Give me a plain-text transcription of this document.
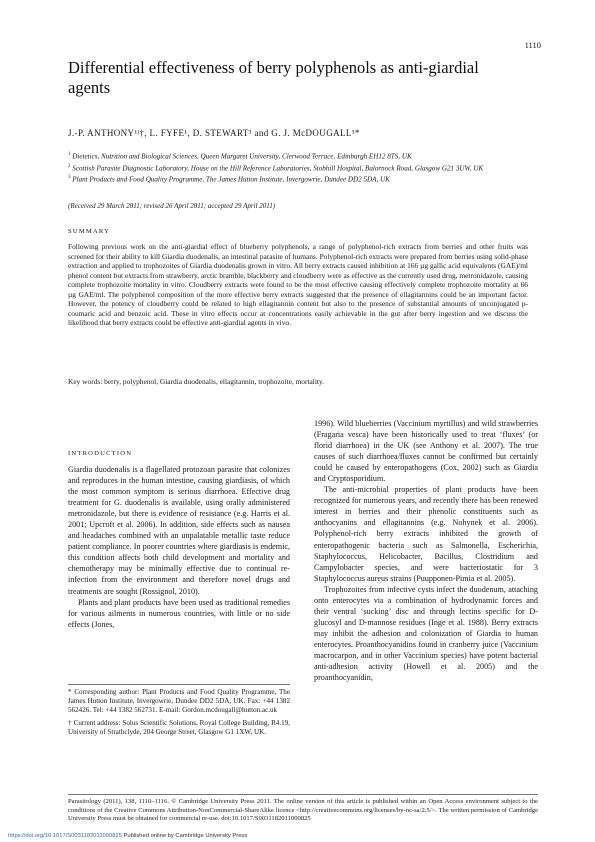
1110
Differential effectiveness of berry polyphenols as anti-giardial agents
J.-P. ANTHONY¹ʲ†, L. FYFE¹, D. STEWART³ and G. J. McDOUGALL³*
$^1$ Dietetics, Nutrition and Biological Sciences, Queen Margaret University, Clerwood Terrace, Edinburgh EH12 8TS, UK
$^2$ Scottish Parasite Diagnostic Laboratory, House on the Hill Reference Laboratories, Stobhill Hospital, Balornock Road, Glasgow G21 3UW, UK
$^3$ Plant Products and Food Quality Programme, The James Hutton Institute, Invergowrie, Dundee DD2 5DA, UK
(Received 29 March 2011; revised 26 April 2011; accepted 29 April 2011)
SUMMARY
Following previous work on the anti-giardial effect of blueberry polyphenols, a range of polyphenol-rich extracts from berries and other fruits was screened for their ability to kill Giardia duodenalis, an intestinal parasite of humans. Polyphenol-rich extracts were prepared from berries using solid-phase extraction and applied to trophozoites of Giardia duodenalis grown in vitro. All berry extracts caused inhibition at 166 µg gallic acid equivalents (GAE)/ml phenol content but extracts from strawberry, arctic bramble, blackberry and cloudberry were as effective as the currently used drug, metronidazole, causing complete trophozoite mortality in vitro. Cloudberry extracts were found to be the most effective causing effectively complete trophozoite mortality at 66 µg GAE/ml. The polyphenol composition of the more effective berry extracts suggested that the presence of ellagitannins could be an important factor. However, the potency of cloudberry could be related to high ellagitannin content but also to the presence of substantial amounts of unconjugated p-coumaric acid and benzoic acid. These in vitro effects occur at concentrations easily achievable in the gut after berry ingestion and we discuss the likelihood that berry extracts could be effective anti-giardial agents in vivo.
Key words: berry, polyphenol, Giardia duodenalis, ellagitannin, trophozoite, mortality.
INTRODUCTION

Giardia duodenalis is a flagellated protozoan parasite that colonizes and reproduces in the human intestine, causing giardiasis, of which the most common symptom is serious diarrhoea. Effective drug treatment for G. duodenalis is available, using orally administered metronidazole, but there is evidence of resistance (e.g. Harris et al. 2001; Upcroft et al. 2006). In addition, side effects such as nausea and headaches combined with an unpalatable metallic taste reduce patient compliance. In poorer countries where giardiasis is endemic, this condition affects both child development and mortality and chemotherapy may be minimally effective due to continual re-infection from the environment and therefore novel drugs and treatments are sought (Rossignol, 2010).

Plants and plant products have been used as traditional remedies for various ailments in numerous countries, with little or no side effects (Jones,

1996). Wild blueberries (Vaccinium myrtillus) and wild strawberries (Fragaria vesca) have been historically used to treat ‘fluxes’ (or florid diarrhoea) in the UK (see Anthony et al. 2007). The true causes of such diarrhoea/fluxes cannot be confirmed but certainly could be caused by enteropathogens (Cox, 2002) such as Giardia and Cryptosporidium.

The anti-microbial properties of plant products have been recognized for numerous years, and recently there has been renewed interest in berries and their phenolic constituents such as anthocyanins and ellagitannins (e.g. Nohynek et al. 2006). Polyphenol-rich berry extracts inhibited the growth of enteropathogenic bacteria such as Salmonella, Escherichia, Staphylococcus, Helicobacter, Bacillus, Clostridium and Campylobacter species, and were bacteriostatic for 3 Staphylococcus aureus strains (Puupponen-Pimia et al. 2005).

Trophozoites from infective cysts infect the duodenum, attaching onto enterocytes via a combination of hydrodynamic forces and their ventral ‘sucking’ disc and through lectins specific for D-glucosyl and D-mannose residues (Inge et al. 1988). Berry extracts may inhibit the adhesion and colonization of Giardia to human enterocytes. Proanthocyanidins found in cranberry juice (Vaccinium macrocarpon, and in other Vaccinium species) have potent bacterial anti-adhesion activity (Howell et al. 2005) and the proanthocyanidin,

* Corresponding author: Plant Products and Food Quality Programme, The James Hutton Institute, Invergowrie, Dundee DD2 5DA, UK. Fax: +44 1382 562426. Tel: +44 1382 562731. E-mail: Gordon.mcdougall@hutton.ac.uk

† Current address: Solus Scientific Solutions, Royal College Building, R4.19, University of Strathclyde, 204 George Street, Glasgow G1 1XW, UK.

Parasitology (2011), 138, 1110–1116. © Cambridge University Press 2011. The online version of this article is published within an Open Access environment subject to the conditions of the Creative Commons Attribution-NonCommercial-ShareAlike licence <http://creativecommons.org/licenses/by-nc-sa/2.5/>. The written permission of Cambridge University Press must be obtained for commercial re-use. doi:10.1017/S0031182011000825
https://doi.org/10.1017/S0031182011000825 Published online by Cambridge University Press
